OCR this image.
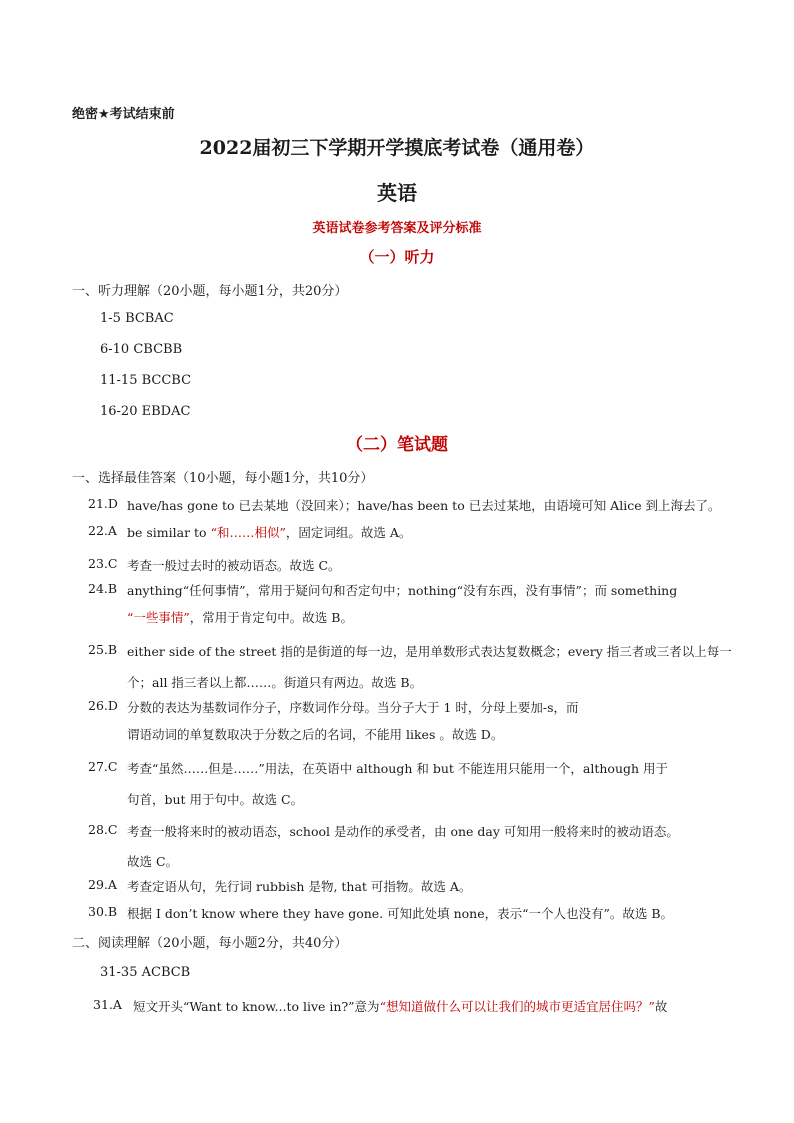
绝密★考试结束前
2022届初三下学期开学摸底考试卷（通用卷）
英语
英语试卷参考答案及评分标准
（一）听力
一、听力理解（20小题，每小题1分，共20分）
1-5 BCBAC
6-10 CBCBB
11-15 BCCBC
16-20 EBDAC
（二）笔试题
一、选择最佳答案（10小题，每小题1分，共10分）
21.D have/has gone to 已去某地（没回来）；have/has been to 已去过某地，由语境可知 Alice 到上海去了。
22.A be similar to “和……相似”，固定词组。故选 A。
23.C 考查一般过去时的被动语态。故选 C。
24.B anything“任何事情”，常用于疑问句和否定句中；nothing“没有东西，没有事情”；而 something
“一些事情”，常用于肯定句中。故选 B。
25.B either side of the street 指的是街道的每一边，是用单数形式表达复数概念；every 指三者或三者以上每一
个；all 指三者以上都……。街道只有两边。故选 B。
26.D 分数的表达为基数词作分子，序数词作分母。当分子大于 1 时，分母上要加-s，而
谓语动词的单复数取决于分数之后的名词，不能用 likes 。故选 D。
27.C 考查“虽然……但是……”用法，在英语中 although 和 but 不能连用只能用一个，although 用于
句首，but 用于句中。故选 C。
28.C 考查一般将来时的被动语态，school 是动作的承受者，由 one day 可知用一般将来时的被动语态。
故选 C。
29.A 考查定语从句，先行词 rubbish 是物, that 可指物。故选 A。
30.B 根据 I don’t know where they have gone. 可知此处填 none，表示“一个人也没有”。故选 B。
二、阅读理解（20小题，每小题2分，共40分）
31-35 ACBCB
31.A 短文开头“Want to know...to live in?”意为“想知道做什么可以让我们的城市更适宜居住吗？”故
